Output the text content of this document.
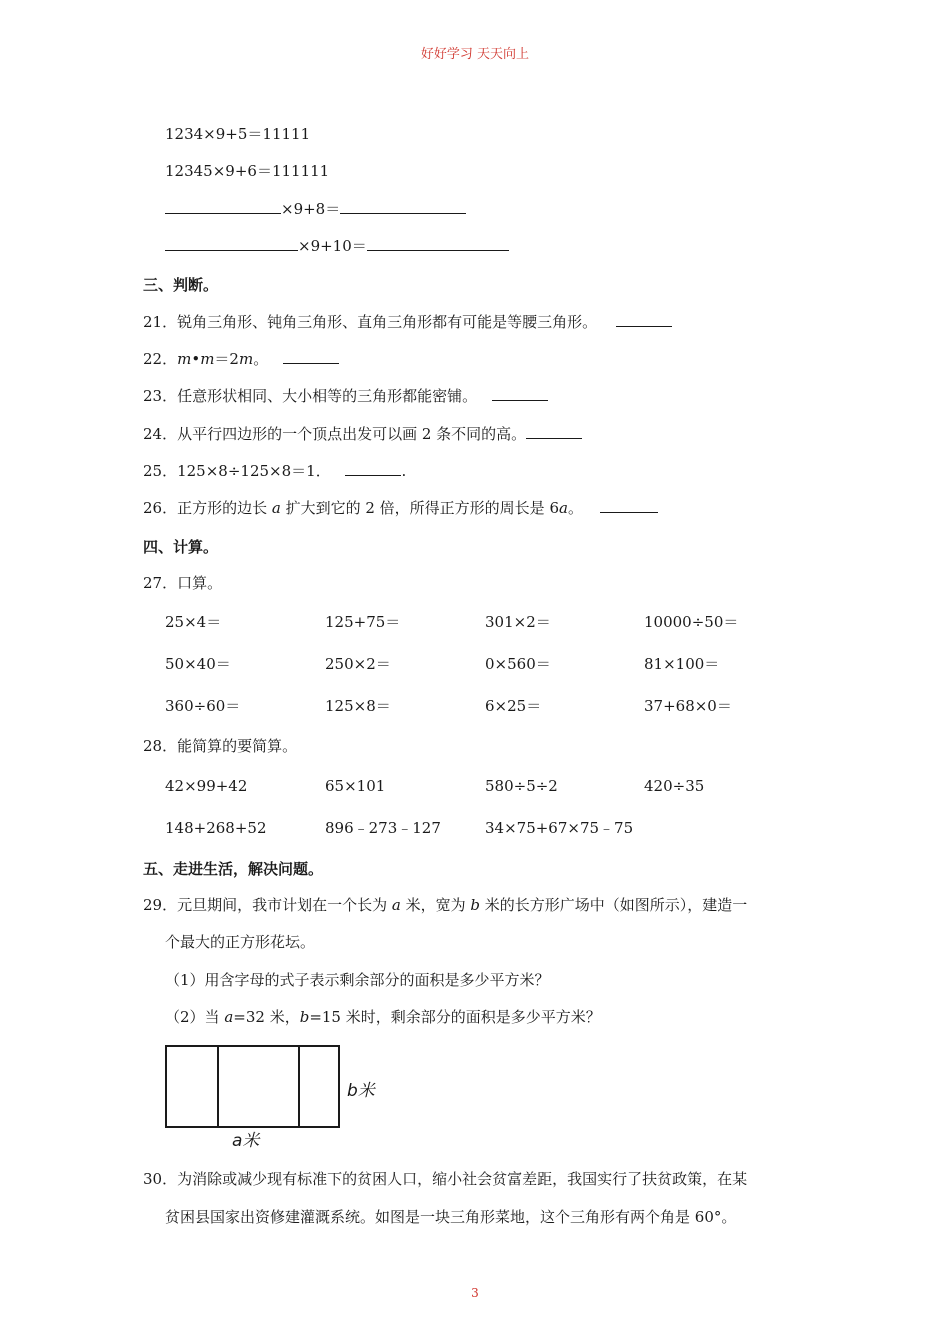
好好学习 天天向上
1234×9+5＝11111
12345×9+6＝111111
×9+8＝
×9+10＝
三、判断。
21．锐角三角形、钝角三角形、直角三角形都有可能是等腰三角形。
22．m•m＝2m。
23．任意形状相同、大小相等的三角形都能密铺。
24．从平行四边形的一个顶点出发可以画 2 条不同的高。
25．125×8÷125×8＝1．	.
26．正方形的边长 a 扩大到它的 2 倍，所得正方形的周长是 6a。
四、计算。
27．口算。
25×4＝	125+75＝	301×2＝	10000÷50＝
50×40＝	250×2＝	0×560＝	81×100＝
360÷60＝	125×8＝	6×25＝	37+68×0＝
28．能简算的要简算。
42×99+42	65×101	580÷5÷2	420÷35
148+268+52	896﹣273﹣127	34×75+67×75﹣75
五、走进生活，解决问题。
29．元旦期间，我市计划在一个长为 a 米，宽为 b 米的长方形广场中（如图所示），建造一
个最大的正方形花坛。
（1）用含字母的式子表示剩余部分的面积是多少平方米？
（2）当 a=32 米，b=15 米时，剩余部分的面积是多少平方米？
b米
a米
30．为消除或减少现有标准下的贫困人口，缩小社会贫富差距，我国实行了扶贫政策，在某
贫困县国家出资修建灌溉系统。如图是一块三角形菜地，这个三角形有两个角是 60°。
3
